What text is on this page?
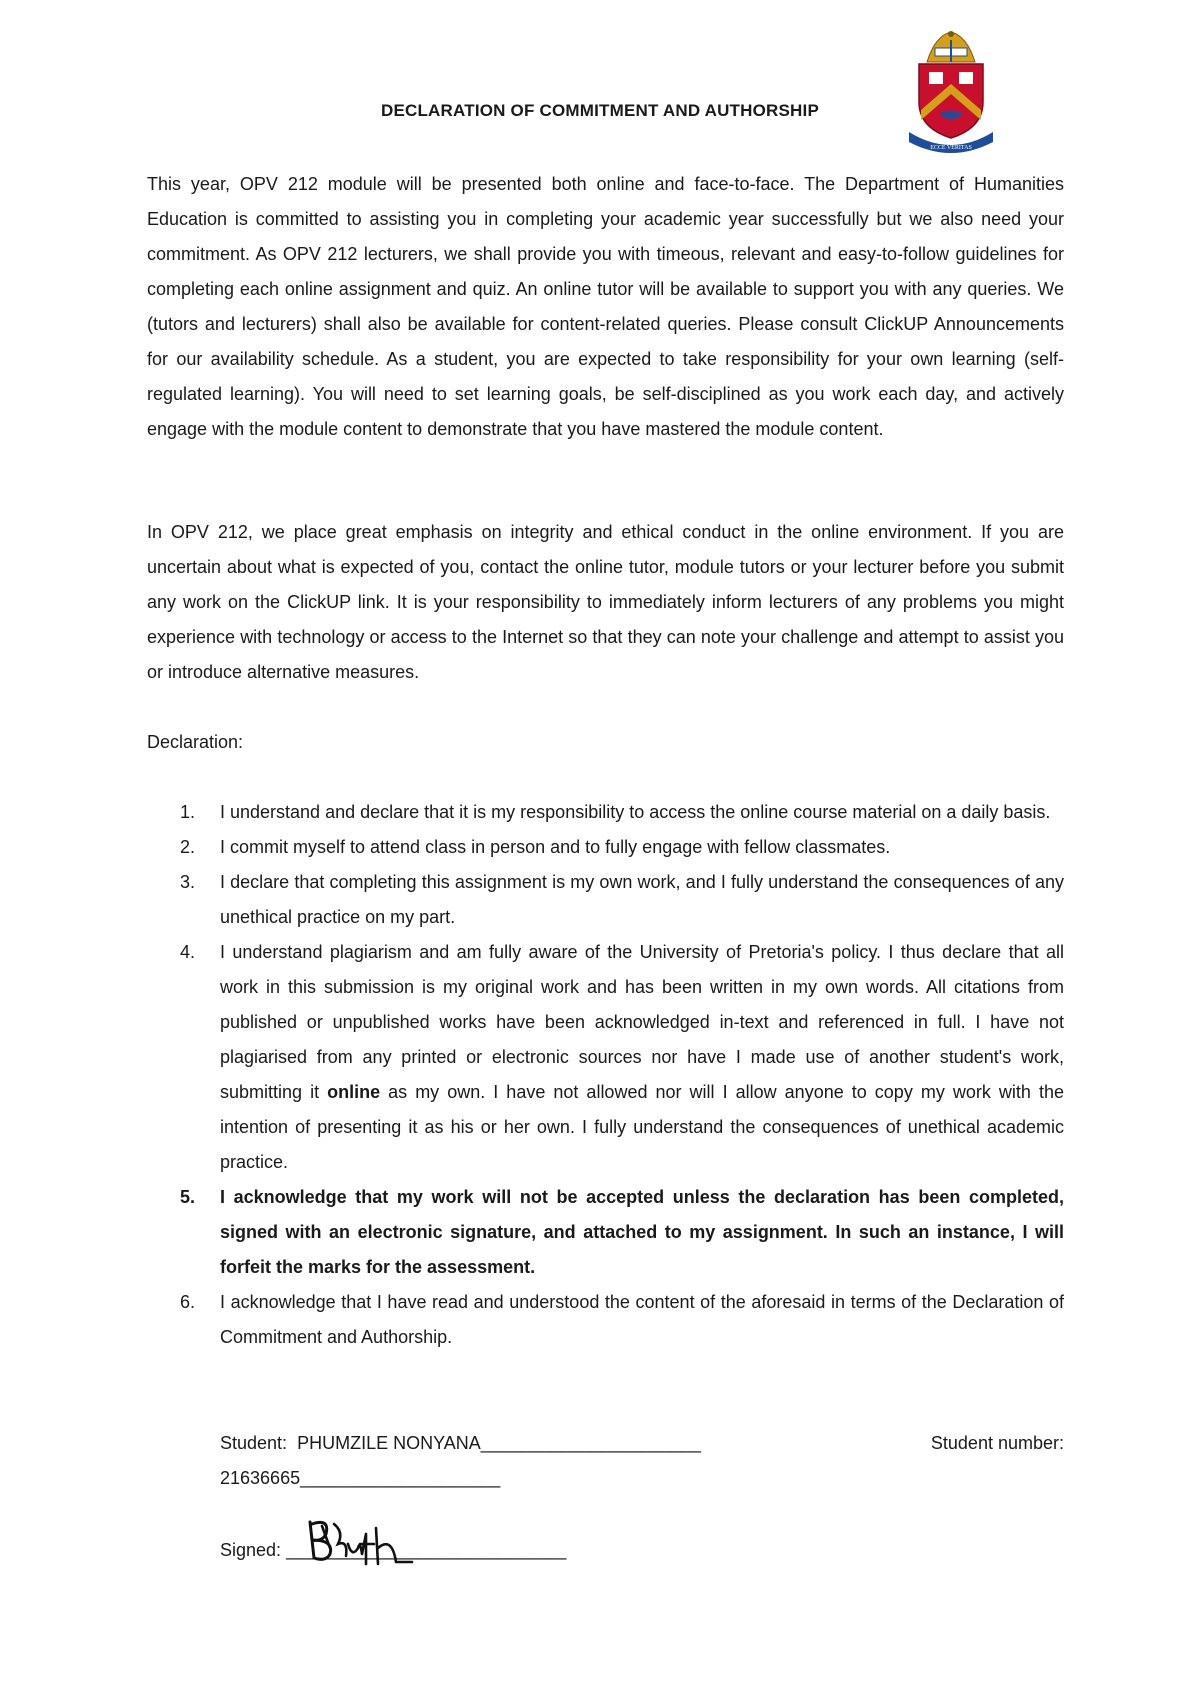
ECCE VERITAS
DECLARATION OF COMMITMENT AND AUTHORSHIP

This year, OPV 212 module will be presented both online and face-to-face. The Department of Humanities Education is committed to assisting you in completing your academic year successfully but we also need your commitment. As OPV 212 lecturers, we shall provide you with timeous, relevant and easy-to-follow guidelines for completing each online assignment and quiz. An online tutor will be available to support you with any queries. We (tutors and lecturers) shall also be available for content-related queries. Please consult ClickUP Announcements for our availability schedule. As a student, you are expected to take responsibility for your own learning (self-regulated learning). You will need to set learning goals, be self-disciplined as you work each day, and actively engage with the module content to demonstrate that you have mastered the module content.

In OPV 212, we place great emphasis on integrity and ethical conduct in the online environment. If you are uncertain about what is expected of you, contact the online tutor, module tutors or your lecturer before you submit any work on the ClickUP link. It is your responsibility to immediately inform lecturers of any problems you might experience with technology or access to the Internet so that they can note your challenge and attempt to assist you or introduce alternative measures.

Declaration:
1. I understand and declare that it is my responsibility to access the online course material on a daily basis.
2. I commit myself to attend class in person and to fully engage with fellow classmates.
3. I declare that completing this assignment is my own work, and I fully understand the consequences of any unethical practice on my part.
4. I understand plagiarism and am fully aware of the University of Pretoria's policy. I thus declare that all work in this submission is my original work and has been written in my own words. All citations from published or unpublished works have been acknowledged in-text and referenced in full. I have not plagiarised from any printed or electronic sources nor have I made use of another student's work, submitting it online as my own. I have not allowed nor will I allow anyone to copy my work with the intention of presenting it as his or her own. I fully understand the consequences of unethical academic practice.
5. I acknowledge that my work will not be accepted unless the declaration has been completed, signed with an electronic signature, and attached to my assignment. In such an instance, I will forfeit the marks for the assessment.
6. I acknowledge that I have read and understood the content of the aforesaid in terms of the Declaration of Commitment and Authorship.
Student: PHUMZILE NONYANA______________________	Student number:
21636665____________________
Signed: ____________________________
